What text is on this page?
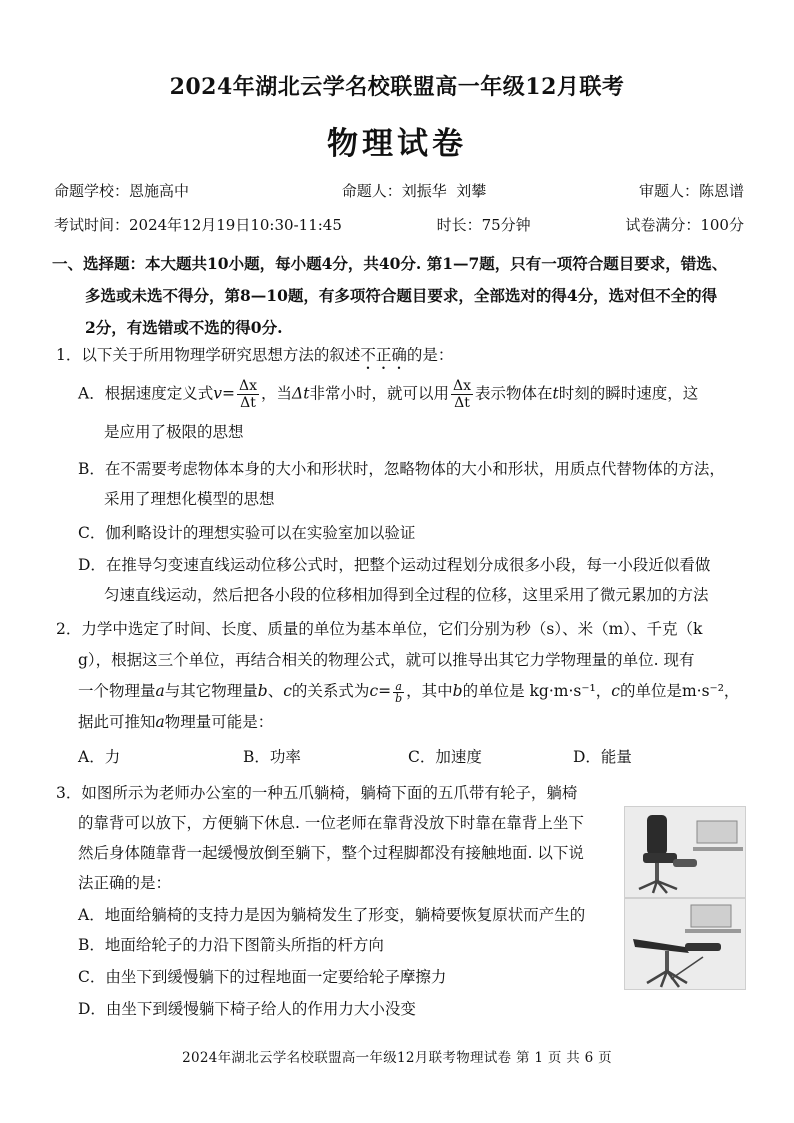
2024年湖北云学名校联盟高一年级12月联考
物理试卷
命题学校：恩施高中	命题人：刘振华  刘攀	审题人：陈恩谱
考试时间：2024年12月19日10:30-11:45	时长：75分钟	试卷满分：100分
一、选择题：本大题共10小题，每小题4分，共40分. 第1—7题，只有一项符合题目要求，错选、
多选或未选不得分，第8—10题，有多项符合题目要求，全部选对的得4分，选对但不全的得
2分，有选错或不选的得0分.
1．以下关于所用物理学研究思想方法的叙述不正确的是：
A．根据速度定义式$v= \frac{\Delta x}{\Delta t}$ ，当Δt非常小时，就可以用 $\frac{\Delta x}{\Delta t}$ 表示物体在t时刻的瞬时速度，这
是应用了极限的思想
B．在不需要考虑物体本身的大小和形状时，忽略物体的大小和形状，用质点代替物体的方法，
采用了理想化模型的思想
C．伽利略设计的理想实验可以在实验室加以验证
D．在推导匀变速直线运动位移公式时，把整个运动过程划分成很多小段，每一小段近似看做
匀速直线运动，然后把各小段的位移相加得到全过程的位移，这里采用了微元累加的方法
2．力学中选定了时间、长度、质量的单位为基本单位，它们分别为秒（s）、米（m）、千克（k
g），根据这三个单位，再结合相关的物理公式，就可以推导出其它力学物理量的单位. 现有
一个物理量a与其它物理量b、c的关系式为$c= \frac{a}{b}$ ，其中b的单位是 kg·m·s⁻¹，c的单位是m·s⁻²，
据此可推知a物理量可能是：
A．力	B．功率	C．加速度	D．能量
3．如图所示为老师办公室的一种五爪躺椅，躺椅下面的五爪带有轮子，躺椅
的靠背可以放下，方便躺下休息. 一位老师在靠背没放下时靠在靠背上坐下
然后身体随靠背一起缓慢放倒至躺下，整个过程脚都没有接触地面. 以下说
法正确的是：
A．地面给躺椅的支持力是因为躺椅发生了形变，躺椅要恢复原状而产生的
B．地面给轮子的力沿下图箭头所指的杆方向
C．由坐下到缓慢躺下的过程地面一定要给轮子摩擦力
D．由坐下到缓慢躺下椅子给人的作用力大小没变
2024年湖北云学名校联盟高一年级12月联考物理试卷 第 1 页 共 6 页
